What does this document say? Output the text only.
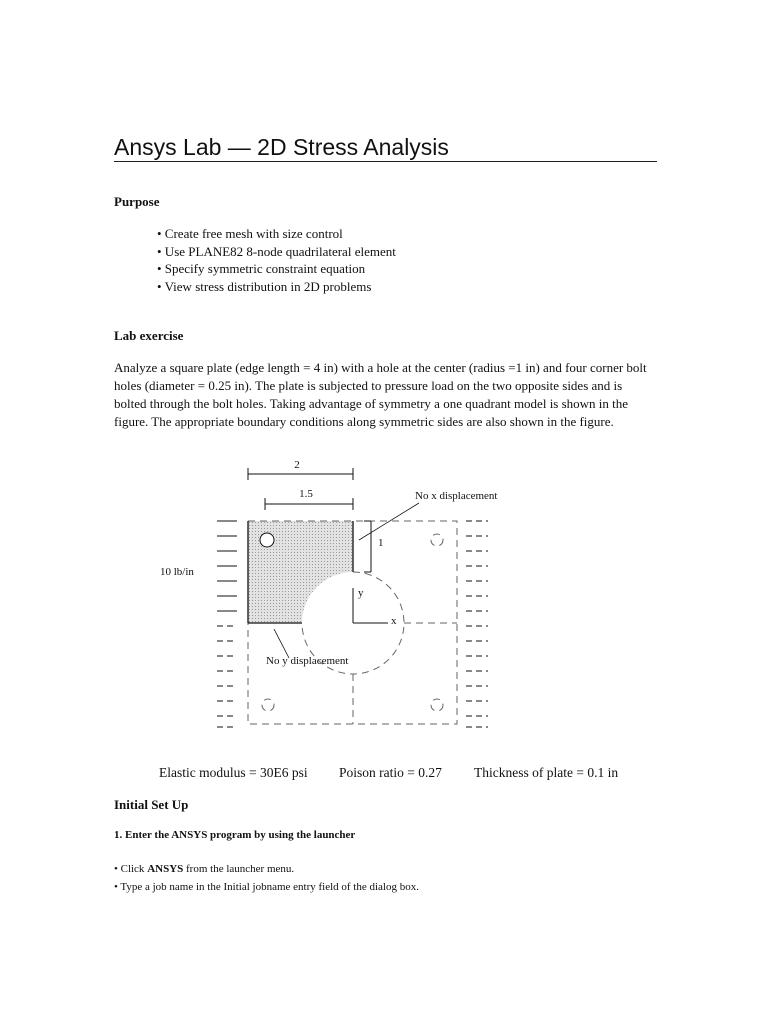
Ansys Lab — 2D Stress Analysis
Purpose
• Create free mesh with size control
• Use PLANE82 8-node quadrilateral element
• Specify symmetric constraint equation
• View stress distribution in 2D problems
Lab exercise

Analyze a square plate (edge length = 4 in) with a hole at the center (radius =1 in) and four corner bolt holes (diameter = 0.25 in). The plate is subjected to pressure load on the two opposite sides and is bolted through the bolt holes. Taking advantage of symmetry a one quadrant model is shown in the figure. The appropriate boundary conditions along symmetric sides are also shown in the figure.

2
1.5
1
No x displacement
No y displacement
y
x
10 lb/in
Elastic modulus = 30E6 psi Poison ratio = 0.27 Thickness of plate = 0.1 in
Initial Set Up
1. Enter the ANSYS program by using the launcher
• Click ANSYS from the launcher menu.
• Type a job name in the Initial jobname entry field of the dialog box.
